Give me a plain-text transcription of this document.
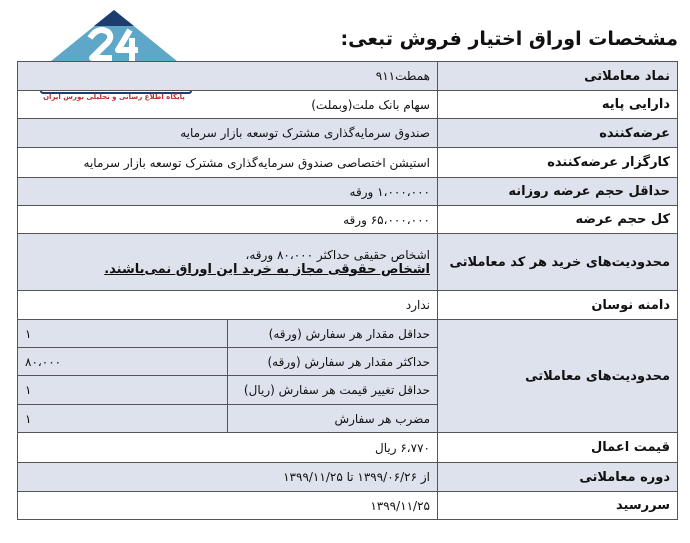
مشخصات اوراق اختیار فروش تبعی:
پایگاه اطلاع رسانی و تحلیلی بورس ایران
نماد معاملاتی	همطت۹۱۱	
دارایی پایه	سهام بانک ملت(وبملت)	
عرضه‌کننده	صندوق سرمایه‌گذاری مشترک توسعه بازار سرمایه	
کارگزار عرضه‌کننده	استیشن اختصاصی صندوق سرمایه‌گذاری مشترک توسعه بازار سرمایه	
حداقل حجم عرضه روزانه	۱،۰۰۰،۰۰۰ ورقه	
کل حجم عرضه	۶۵،۰۰۰،۰۰۰ ورقه	
محدودیت‌های خرید هر کد معاملاتی	اشخاص حقیقی حداکثر ۸۰،۰۰۰ ورقه،
اشخاص حقوقی مجاز به خرید این اوراق نمی‌باشند.	

دامنه نوسان	ندارد	
محدودیت‌های معاملاتی	حداقل مقدار هر سفارش (ورقه)	۱
	حداکثر مقدار هر سفارش (ورقه)	۸۰،۰۰۰
	حداقل تغییر قیمت هر سفارش (ریال)	۱
	مضرب هر سفارش	۱
قیمت اعمال	۶،۷۷۰ ریال	
دوره معاملاتی	از ۱۳۹۹/۰۶/۲۶ تا ۱۳۹۹/۱۱/۲۵	
سررسید	۱۳۹۹/۱۱/۲۵	
